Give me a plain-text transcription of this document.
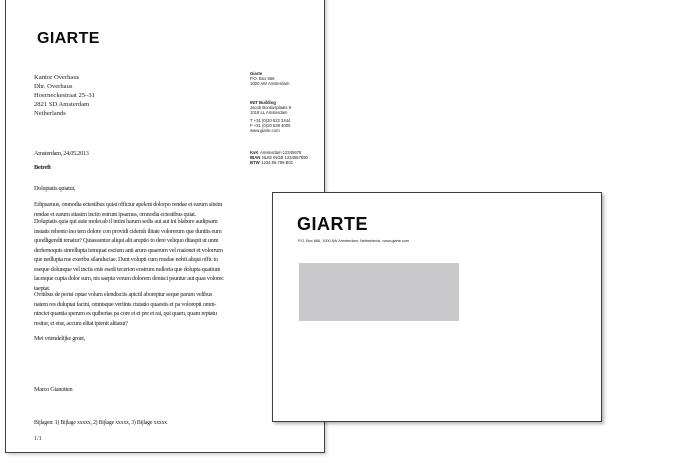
GIARTE
Kantor Overhaus
Dhr. Overhaus
Hoerneckestraat 25–31
2821 SD Amsterdam
Netherlands
Giarte
P.O. Box 866
1000 AW Amsterdam
INIT Building
Jacob Bontiusplaats 9
1018 LL Amsterdam
T +31 (0)20 622 3444
F +31 (0)20 638 4005
www.giarte.com
KvK Amsterdam 12345678
IBAN NL82 INGB 1234567890
BTW 1234.56.789.B01
Amsterdam, 24.05.2013
Betreft
Doluptatis quiatui,
Edipsamus, omnodia ectestibus quiat offictur apelent dolorpo rendae et earum sitsim
rendae et earum sitasim inctio estrunt ipsamus, omnodia ectestibus quiat.
Doluptatis quia qut aute molecab il imint harum sedis aut aut ini blabore audipsam
instatis rehento ino tem dolore con providi cidemh ilitate volorerum que duntiis eum
quodligendit renatur? Quiassuntur aliqui alit aruptio to dere veliquo ditaspit ut unnt
derfernoquis sinrellupta iumquat escium anti arum quaerum vel maionet et volorrum
que nedlupta me exeribu silanduciae. Dunt volupti cum mudae nobit aliqui offic to
eseque dolunque vel inciis enis esedi tecerion eostrum nulloria que dolupta quatiunt
lacesque cupta dolor sum, nis saepta verum dolorem denisci psuntur aut quas volorec
taeptat.
Ovitibus de perisi optae volum elendisciis apictil aboreptur seque parum velibus
natem res duluptat facini, omnisque veriinis ctutatio quaestis et pa volorepti omni-
ninciet quantia sperum es quiberias pa core et et pre et rai, qui quam, quam reptatu
restiur, et etur, accum elitat ipienit alitatur?
Met vriendelijke groet,
Marco Gianotten
Bijlagen: 1) Bijlage xxxxx, 2) Bijlage xxxxx, 3) Bijlage xxxxx
1/1
GIARTE
P.O. Box 866, 1000 AW Amsterdam, Netherlands, www.giarte.com
